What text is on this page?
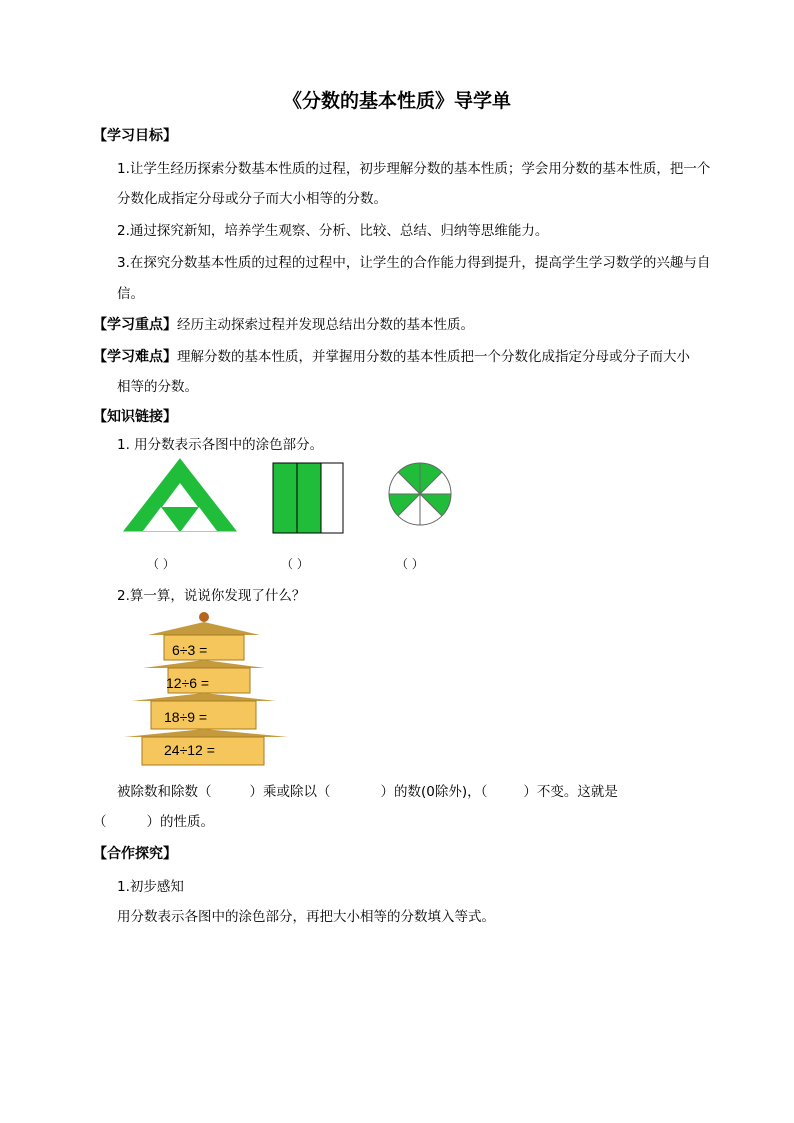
《分数的基本性质》导学单
【学习目标】
1.让学生经历探索分数基本性质的过程，初步理解分数的基本性质；学会用分数的基本性质，把一个
分数化成指定分母或分子而大小相等的分数。
2.通过探究新知，培养学生观察、分析、比较、总结、归纳等思维能力。
3.在探究分数基本性质的过程的过程中，让学生的合作能力得到提升，提高学生学习数学的兴趣与自
信。
【学习重点】经历主动探索过程并发现总结出分数的基本性质。
【学习难点】理解分数的基本性质，并掌握用分数的基本性质把一个分数化成指定分母或分子而大小
相等的分数。
【知识链接】
1. 用分数表示各图中的涂色部分。
（ ）	（ ）	（ ）
2.算一算，说说你发现了什么？
6÷3 =
12÷6 =
18÷9 =
24÷12 =
被除数和除数（	）乘或除以（	）的数(0除外)，（	）不变。这就是
（	）的性质。
【合作探究】
1.初步感知
用分数表示各图中的涂色部分，再把大小相等的分数填入等式。
